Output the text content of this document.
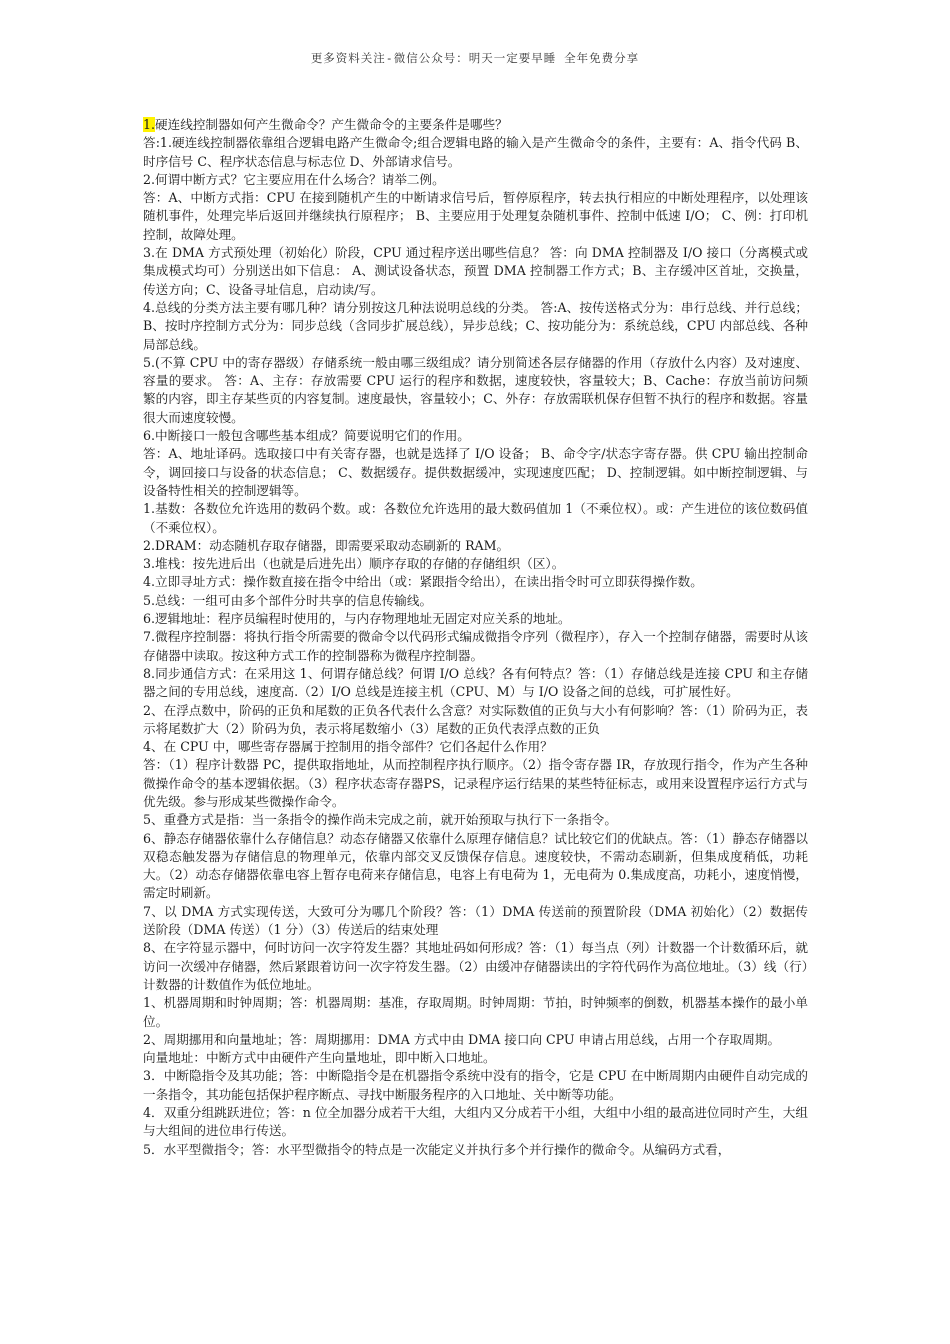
更多资料关注-微信公众号：明天一定要早睡 全年免费分享

1.硬连线控制器如何产生微命令？产生微命令的主要条件是哪些？

答:1.硬连线控制器依靠组合逻辑电路产生微命令;组合逻辑电路的输入是产生微命令的条件，主要有：A、指令代码 B、时序信号 C、程序状态信息与标志位 D、外部请求信号。

2.何谓中断方式？它主要应用在什么场合？请举二例。

答：A、中断方式指：CPU 在接到随机产生的中断请求信号后，暂停原程序，转去执行相应的中断处理程序，以处理该随机事件，处理完毕后返回并继续执行原程序； B、主要应用于处理复杂随机事件、控制中低速 I/O； C、例：打印机控制，故障处理。

3.在 DMA 方式预处理（初始化）阶段，CPU 通过程序送出哪些信息？ 答：向 DMA 控制器及 I/O 接口（分离模式或集成模式均可）分别送出如下信息： A、测试设备状态，预置 DMA 控制器工作方式；B、主存缓冲区首址，交换量，传送方向；C、设备寻址信息，启动读/写。

4.总线的分类方法主要有哪几种？请分别按这几种法说明总线的分类。 答:A、按传送格式分为：串行总线、并行总线；B、按时序控制方式分为：同步总线（含同步扩展总线），异步总线；C、按功能分为：系统总线，CPU 内部总线、各种局部总线。

5.(不算 CPU 中的寄存器级）存储系统一般由哪三级组成？请分别简述各层存储器的作用（存放什么内容）及对速度、容量的要求。 答：A、主存：存放需要 CPU 运行的程序和数据，速度较快，容量较大；B、Cache：存放当前访问频繁的内容，即主存某些页的内容复制。速度最快，容量较小；C、外存：存放需联机保存但暂不执行的程序和数据。容量很大而速度较慢。

6.中断接口一般包含哪些基本组成？简要说明它们的作用。

答：A、地址译码。选取接口中有关寄存器，也就是选择了 I/O 设备； B、命令字/状态字寄存器。供 CPU 输出控制命令，调回接口与设备的状态信息； C、数据缓存。提供数据缓冲，实现速度匹配； D、控制逻辑。如中断控制逻辑、与设备特性相关的控制逻辑等。

1.基数：各数位允许选用的数码个数。或：各数位允许选用的最大数码值加 1（不乘位权）。或：产生进位的该位数码值（不乘位权）。

2.DRAM：动态随机存取存储器，即需要采取动态刷新的 RAM。

3.堆栈：按先进后出（也就是后进先出）顺序存取的存储的存储组织（区）。

4.立即寻址方式：操作数直接在指令中给出（或：紧跟指令给出），在读出指令时可立即获得操作数。

5.总线：一组可由多个部件分时共享的信息传输线。

6.逻辑地址：程序员编程时使用的，与内存物理地址无固定对应关系的地址。

7.微程序控制器：将执行指令所需要的微命令以代码形式编成微指令序列（微程序），存入一个控制存储器，需要时从该存储器中读取。按这种方式工作的控制器称为微程序控制器。

8.同步通信方式：在采用这 1、何谓存储总线？何谓 I/O 总线？各有何特点？答：（1）存储总线是连接 CPU 和主存储器之间的专用总线，速度高.（2）I/O 总线是连接主机（CPU、M）与 I/O 设备之间的总线，可扩展性好。

2、在浮点数中，阶码的正负和尾数的正负各代表什么含意？对实际数值的正负与大小有何影响？答：（1）阶码为正，表示将尾数扩大（2）阶码为负，表示将尾数缩小（3）尾数的正负代表浮点数的正负

4、在 CPU 中，哪些寄存器属于控制用的指令部件？它们各起什么作用？

答：（1）程序计数器 PC，提供取指地址，从而控制程序执行顺序。（2）指令寄存器 IR，存放现行指令，作为产生各种微操作命令的基本逻辑依据。（3）程序状态寄存器PS，记录程序运行结果的某些特征标志，或用来设置程序运行方式与优先级。参与形成某些微操作命令。

5、重叠方式是指：当一条指令的操作尚未完成之前，就开始预取与执行下一条指令。

6、静态存储器依靠什么存储信息？动态存储器又依靠什么原理存储信息？试比较它们的优缺点。答：（1）静态存储器以双稳态触发器为存储信息的物理单元，依靠内部交叉反馈保存信息。速度较快，不需动态刷新，但集成度稍低，功耗大。（2）动态存储器依靠电容上暂存电荷来存储信息，电容上有电荷为 1，无电荷为 0.集成度高，功耗小，速度悄慢，需定时刷新。

7、以 DMA 方式实现传送，大致可分为哪几个阶段？答：（1）DMA 传送前的预置阶段（DMA 初始化）（2）数据传送阶段（DMA 传送）（1 分）（3）传送后的结束处理

8、在字符显示器中，何时访问一次字符发生器？其地址码如何形成？答：（1）每当点（列）计数器一个计数循环后，就访问一次缓冲存储器，然后紧跟着访问一次字符发生器。（2）由缓冲存储器读出的字符代码作为高位地址。（3）线（行）计数器的计数值作为低位地址。

1、机器周期和时钟周期；答：机器周期：基准，存取周期。时钟周期：节拍，时钟频率的倒数，机器基本操作的最小单位。

2、周期挪用和向量地址；答：周期挪用：DMA 方式中由 DMA 接口向 CPU 申请占用总线，占用一个存取周期。

向量地址：中断方式中由硬件产生向量地址，即中断入口地址。

3．中断隐指令及其功能；答：中断隐指令是在机器指令系统中没有的指令，它是 CPU 在中断周期内由硬件自动完成的一条指令，其功能包括保护程序断点、寻找中断服务程序的入口地址、关中断等功能。

4．双重分组跳跃进位；答：n 位全加器分成若干大组，大组内又分成若干小组，大组中小组的最高进位同时产生，大组与大组间的进位串行传送。

5．水平型微指令；答：水平型微指令的特点是一次能定义并执行多个并行操作的微命令。从编码方式看，
